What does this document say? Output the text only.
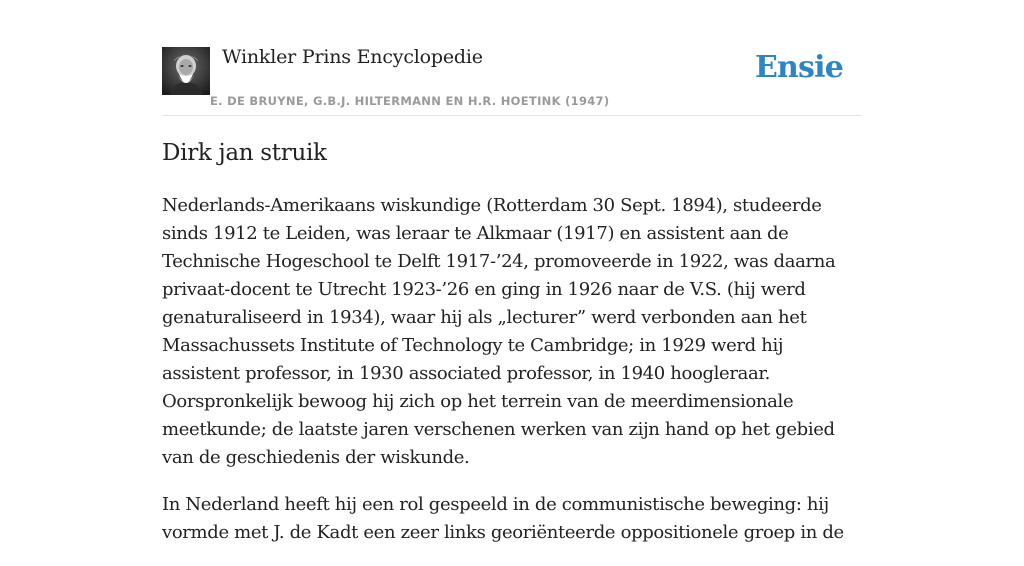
Winkler Prins Encyclopedie
E. DE BRUYNE, G.B.J. HILTERMANN EN H.R. HOETINK (1947)
Ensie
Dirk jan struik

Nederlands-Amerikaans wiskundige (Rotterdam 30 Sept. 1894), studeerde sinds 1912 te Leiden, was leraar te Alkmaar (1917) en assistent aan de Technische Hogeschool te Delft 1917-’24, promoveerde in 1922, was daarna privaat-docent te Utrecht 1923-’26 en ging in 1926 naar de V.S. (hij werd genaturaliseerd in 1934), waar hij als „lecturer” werd verbonden aan het Massachussets Institute of Technology te Cambridge; in 1929 werd hij assistent professor, in 1930 associated professor, in 1940 hoogleraar. Oorspronkelijk bewoog hij zich op het terrein van de meerdimensionale meetkunde; de laatste jaren verschenen werken van zijn hand op het gebied van de geschiedenis der wiskunde.

In Nederland heeft hij een rol gespeeld in de communistische beweging: hij vormde met J. de Kadt een zeer links georiënteerde oppositionele groep in de
